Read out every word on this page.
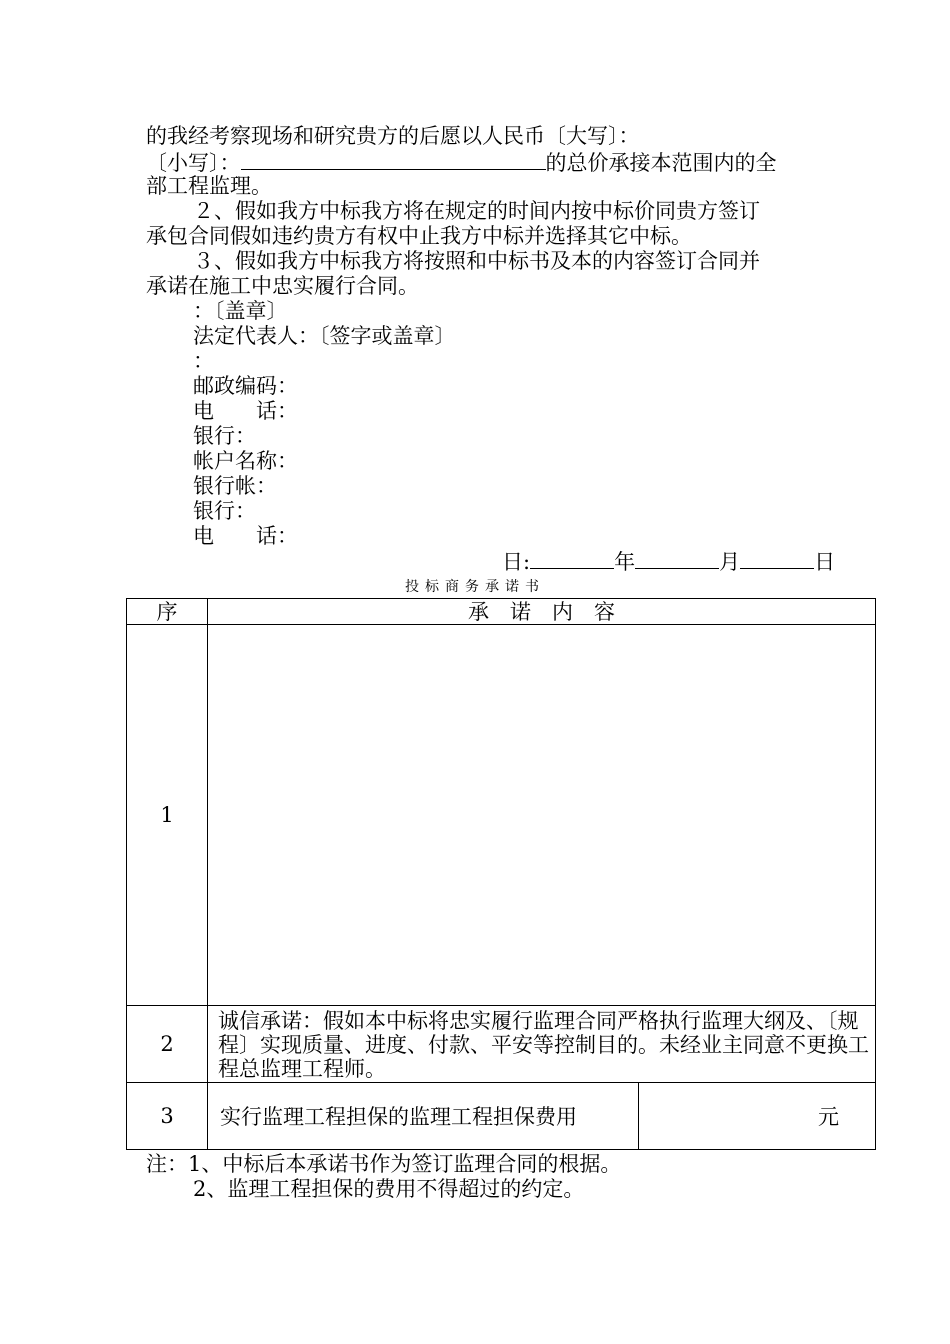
的我经考察现场和研究贵方的后愿以人民币〔大写〕：
〔小写〕：	的总价承接本范围内的全
部工程监理。
２、假如我方中标我方将在规定的时间内按中标价同贵方签订
承包合同假如违约贵方有权中止我方中标并选择其它中标。
３、假如我方中标我方将按照和中标书及本的内容签订合同并
承诺在施工中忠实履行合同。
：〔盖章〕
法定代表人：〔签字或盖章〕
：
邮政编码：
电　　话：
银行：
帐户名称：
银行帐：
银行：
电　　话：
日:	年	月	日
投标商务承诺书
序	承　诺　内　容	
1		
2	诚信承诺：假如本中标将忠实履行监理合同严格执行监理大纲及、〔规程〕实现质量、进度、付款、平安等控制目的。未经业主同意不更换工程总监理工程师。	
3	实行监理工程担保的监理工程担保费用	元
注：1、中标后本承诺书作为签订监理合同的根据。
2、监理工程担保的费用不得超过的约定。
